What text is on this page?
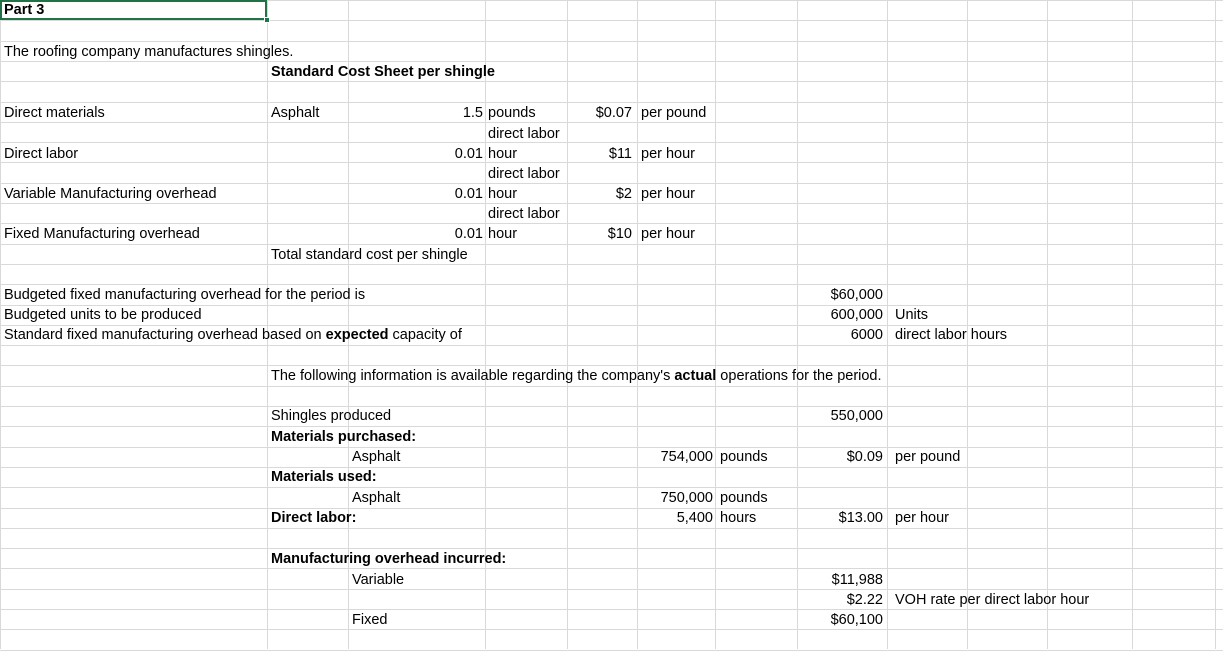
Part 3
The roofing company manufactures shingles.
Standard Cost Sheet per shingle
Direct materials	Asphalt	1.5 pounds	$0.07 per pound
direct labor
Direct labor	0.01 hour	$11 per hour
direct labor
Variable Manufacturing overhead	0.01 hour	$2 per hour
direct labor
Fixed Manufacturing overhead	0.01 hour	$10 per hour
Total standard cost per shingle
Budgeted fixed manufacturing overhead for the period is	$60,000
Budgeted units to be produced	600,000 Units
Standard fixed manufacturing overhead based on expected capacity of	6000 direct labor hours
The following information is available regarding the company's actual operations for the period.
Shingles produced	550,000
Materials purchased:
Asphalt	754,000 pounds	$0.09 per pound
Materials used:
Asphalt	750,000 pounds
Direct labor:	5,400 hours	$13.00 per hour
Manufacturing overhead incurred:
Variable	$11,988
$2.22 VOH rate per direct labor hour
Fixed	$60,100
